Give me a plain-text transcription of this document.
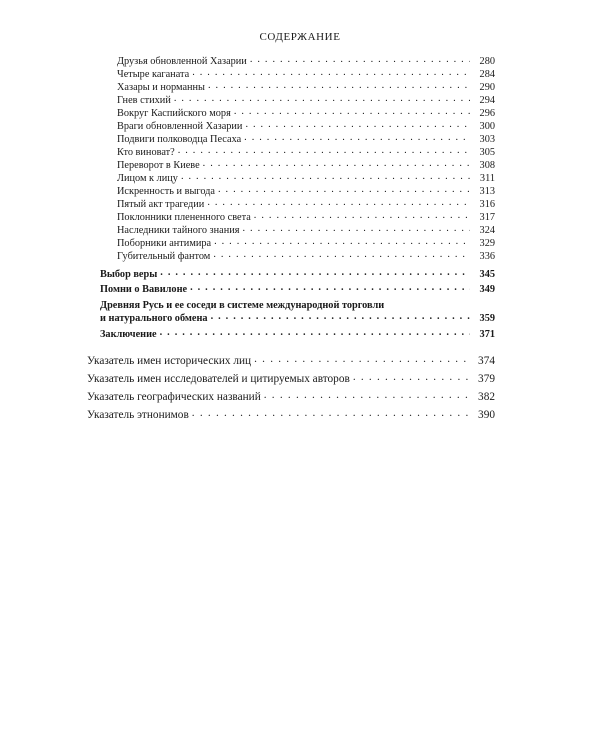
СОДЕРЖАНИЕ
Друзья обновленной Хазарии . . .	280
Четыре каганата . . .	284
Хазары и норманны . . .	290
Гнев стихий . . .	294
Вокруг Каспийского моря . . .	296
Враги обновленной Хазарии . . .	300
Подвиги полководца Песаха . . .	303
Кто виноват? . . .	305
Переворот в Киеве . . .	308
Лицом к лицу . . .	311
Искренность и выгода . . .	313
Пятый акт трагедии . . .	316
Поклонники плененного света . . .	317
Наследники тайного знания . . .	324
Поборники антимира . . .	329
Губительный фантом . . .	336
Выбор веры . . .	345
Помни о Вавилоне . . .	349
Древняя Русь и ее соседи в системе международной торговли
и натурального обмена . . .	359
Заключение . . .	371
Указатель имен исторических лиц . . .	374
Указатель имен исследователей и цитируемых авторов . . .	379
Указатель географических названий . . .	382
Указатель этнонимов . . .	390
